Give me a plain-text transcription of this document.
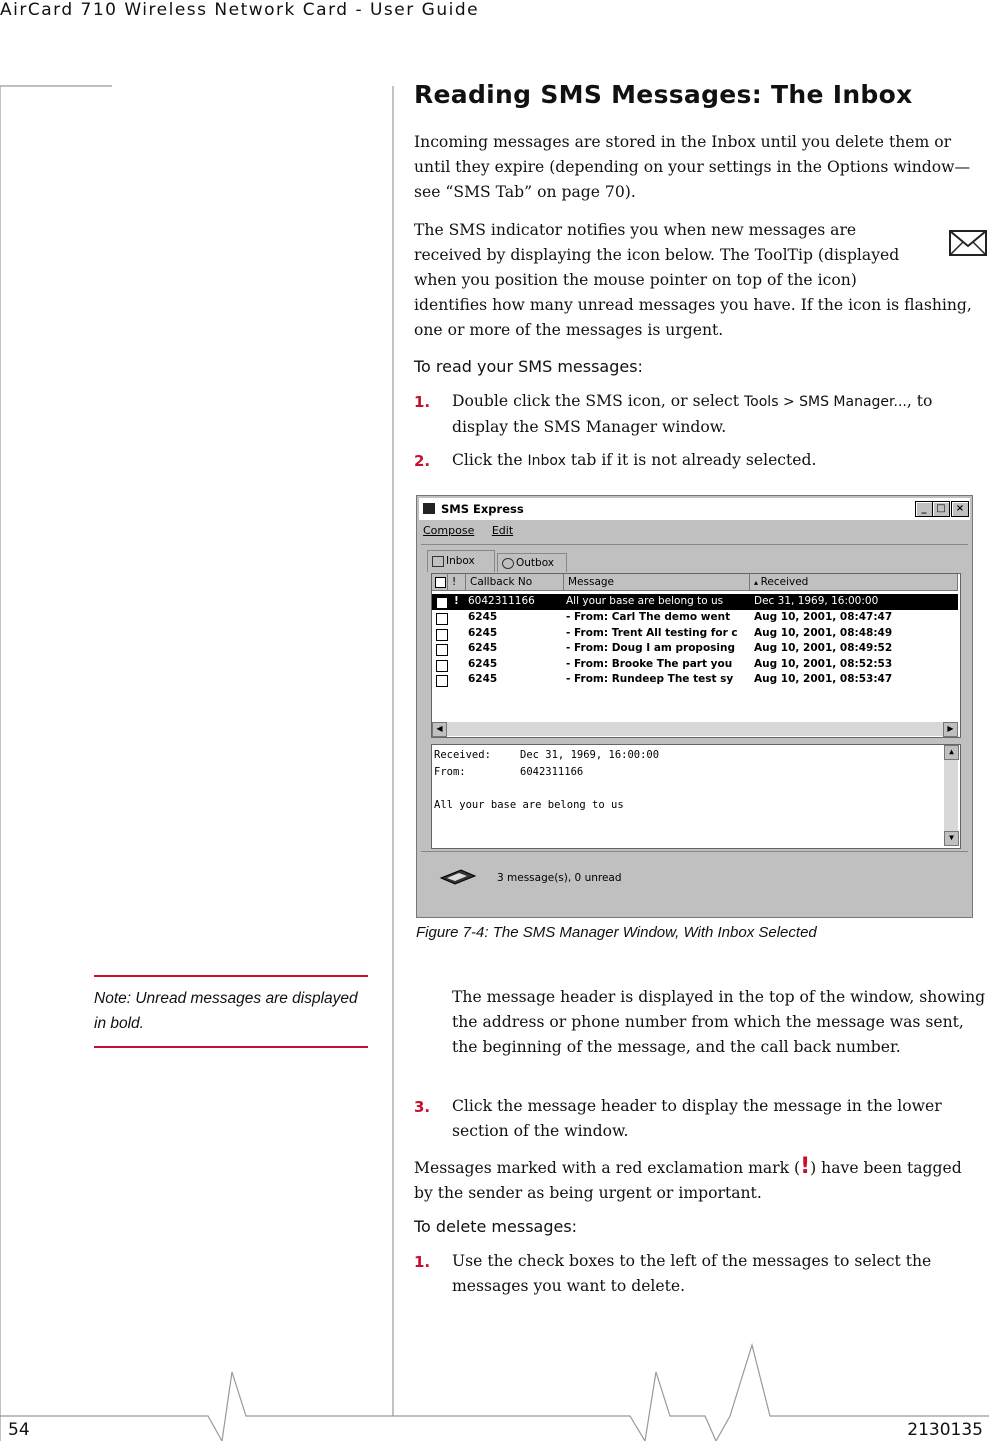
AirCard 710 Wireless Network Card - User Guide
Reading SMS Messages: The Inbox
Incoming messages are stored in the Inbox until you delete them or until they expire (depending on your settings in the Options window—see “SMS Tab” on page 70).
The SMS indicator notifies you when new messages are received by displaying the icon below. The ToolTip (displayed when you position the mouse pointer on top of the icon) identifies how many unread messages you have. If the icon is flashing, one or more of the messages is urgent.
To read your SMS messages:
1. Double click the SMS icon, or select Tools > SMS Manager..., to display the SMS Manager window.
2. Click the Inbox tab if it is not already selected.
SMS Express	_ □	×
Compose Edit
Inbox	Outbox
!	Callback No	Message	▴ Received
! 6042311166	All your base are belong to us	Dec 31, 1969, 16:00:00
6245	- From: Carl The demo went	Aug 10, 2001, 08:47:47
6245	- From: Trent All testing for c	Aug 10, 2001, 08:48:49
6245	- From: Doug I am proposing	Aug 10, 2001, 08:49:52
6245	- From: Brooke The part you	Aug 10, 2001, 08:52:53
6245	- From: Rundeep The test sy	Aug 10, 2001, 08:53:47
◀	▶
Received:	Dec 31, 1969, 16:00:00
From:	6042311166
All your base are belong to us
▲
▼
3 message(s), 0 unread
Figure 7-4: The SMS Manager Window, With Inbox Selected
Note: Unread messages are displayed in bold.
The message header is displayed in the top of the window, showing the address or phone number from which the message was sent, the beginning of the message, and the call back number.
3. Click the message header to display the message in the lower section of the window.
Messages marked with a red exclamation mark (!) have been tagged by the sender as being urgent or important.
To delete messages:
1. Use the check boxes to the left of the messages to select the messages you want to delete.
54	2130135
